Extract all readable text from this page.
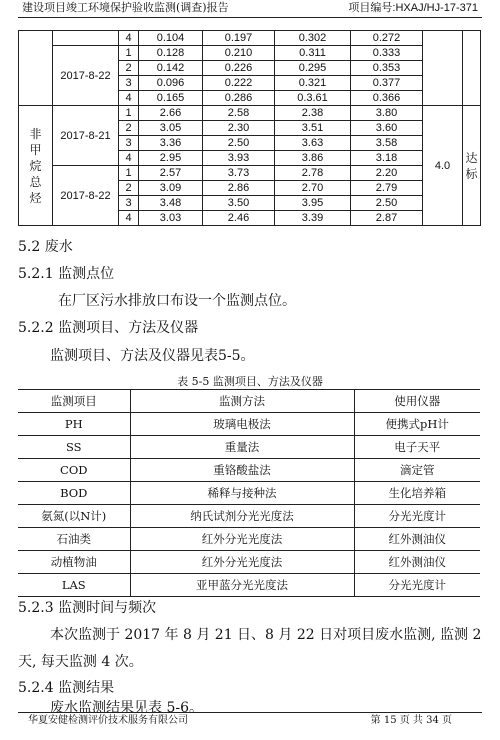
建设项目竣工环境保护验收监测(调查)报告	项目编号:HXAJ/HJ-17-371
		4	0.104	0.197	0.302	0.272		
	2017-8-22	1	0.128	0.210	0.311	0.333		
		2	0.142	0.226	0.295	0.353		
		3	0.096	0.222	0.321	0.377		
		4	0.165	0.286	0.3.61	0.366		
非甲烷总烃	2017-8-21	1	2.66	2.58	2.38	3.80	4.0	达标
		2	3.05	2.30	3.51	3.60		
		3	3.36	2.50	3.63	3.58		
		4	2.95	3.93	3.86	3.18		
	2017-8-22	1	2.57	3.73	2.78	2.20		
		2	3.09	2.86	2.70	2.79		
		3	3.48	3.50	3.95	2.50		
		4	3.03	2.46	3.39	2.87		
5.2 废水
5.2.1 监测点位
在厂区污水排放口布设一个监测点位。
5.2.2 监测项目、方法及仪器
监测项目、方法及仪器见表5-5。
表 5-5 监测项目、方法及仪器
监测项目	监测方法	使用仪器
PH	玻璃电极法	便携式pH计
SS	重量法	电子天平
COD	重铬酸盐法	滴定管
BOD	稀释与接种法	生化培养箱
氨氮(以N计)	纳氏试剂分光光度法	分光光度计
石油类	红外分光光度法	红外测油仪
动植物油	红外分光光度法	红外测油仪
LAS	亚甲蓝分光光度法	分光光度计
5.2.3 监测时间与频次
本次监测于 2017 年 8 月 21 日、8 月 22 日对项目废水监测, 监测 2
天, 每天监测 4 次。
5.2.4 监测结果
废水监测结果见表 5-6。
华夏安健检测评价技术服务有限公司	第 15 页 共 34 页
